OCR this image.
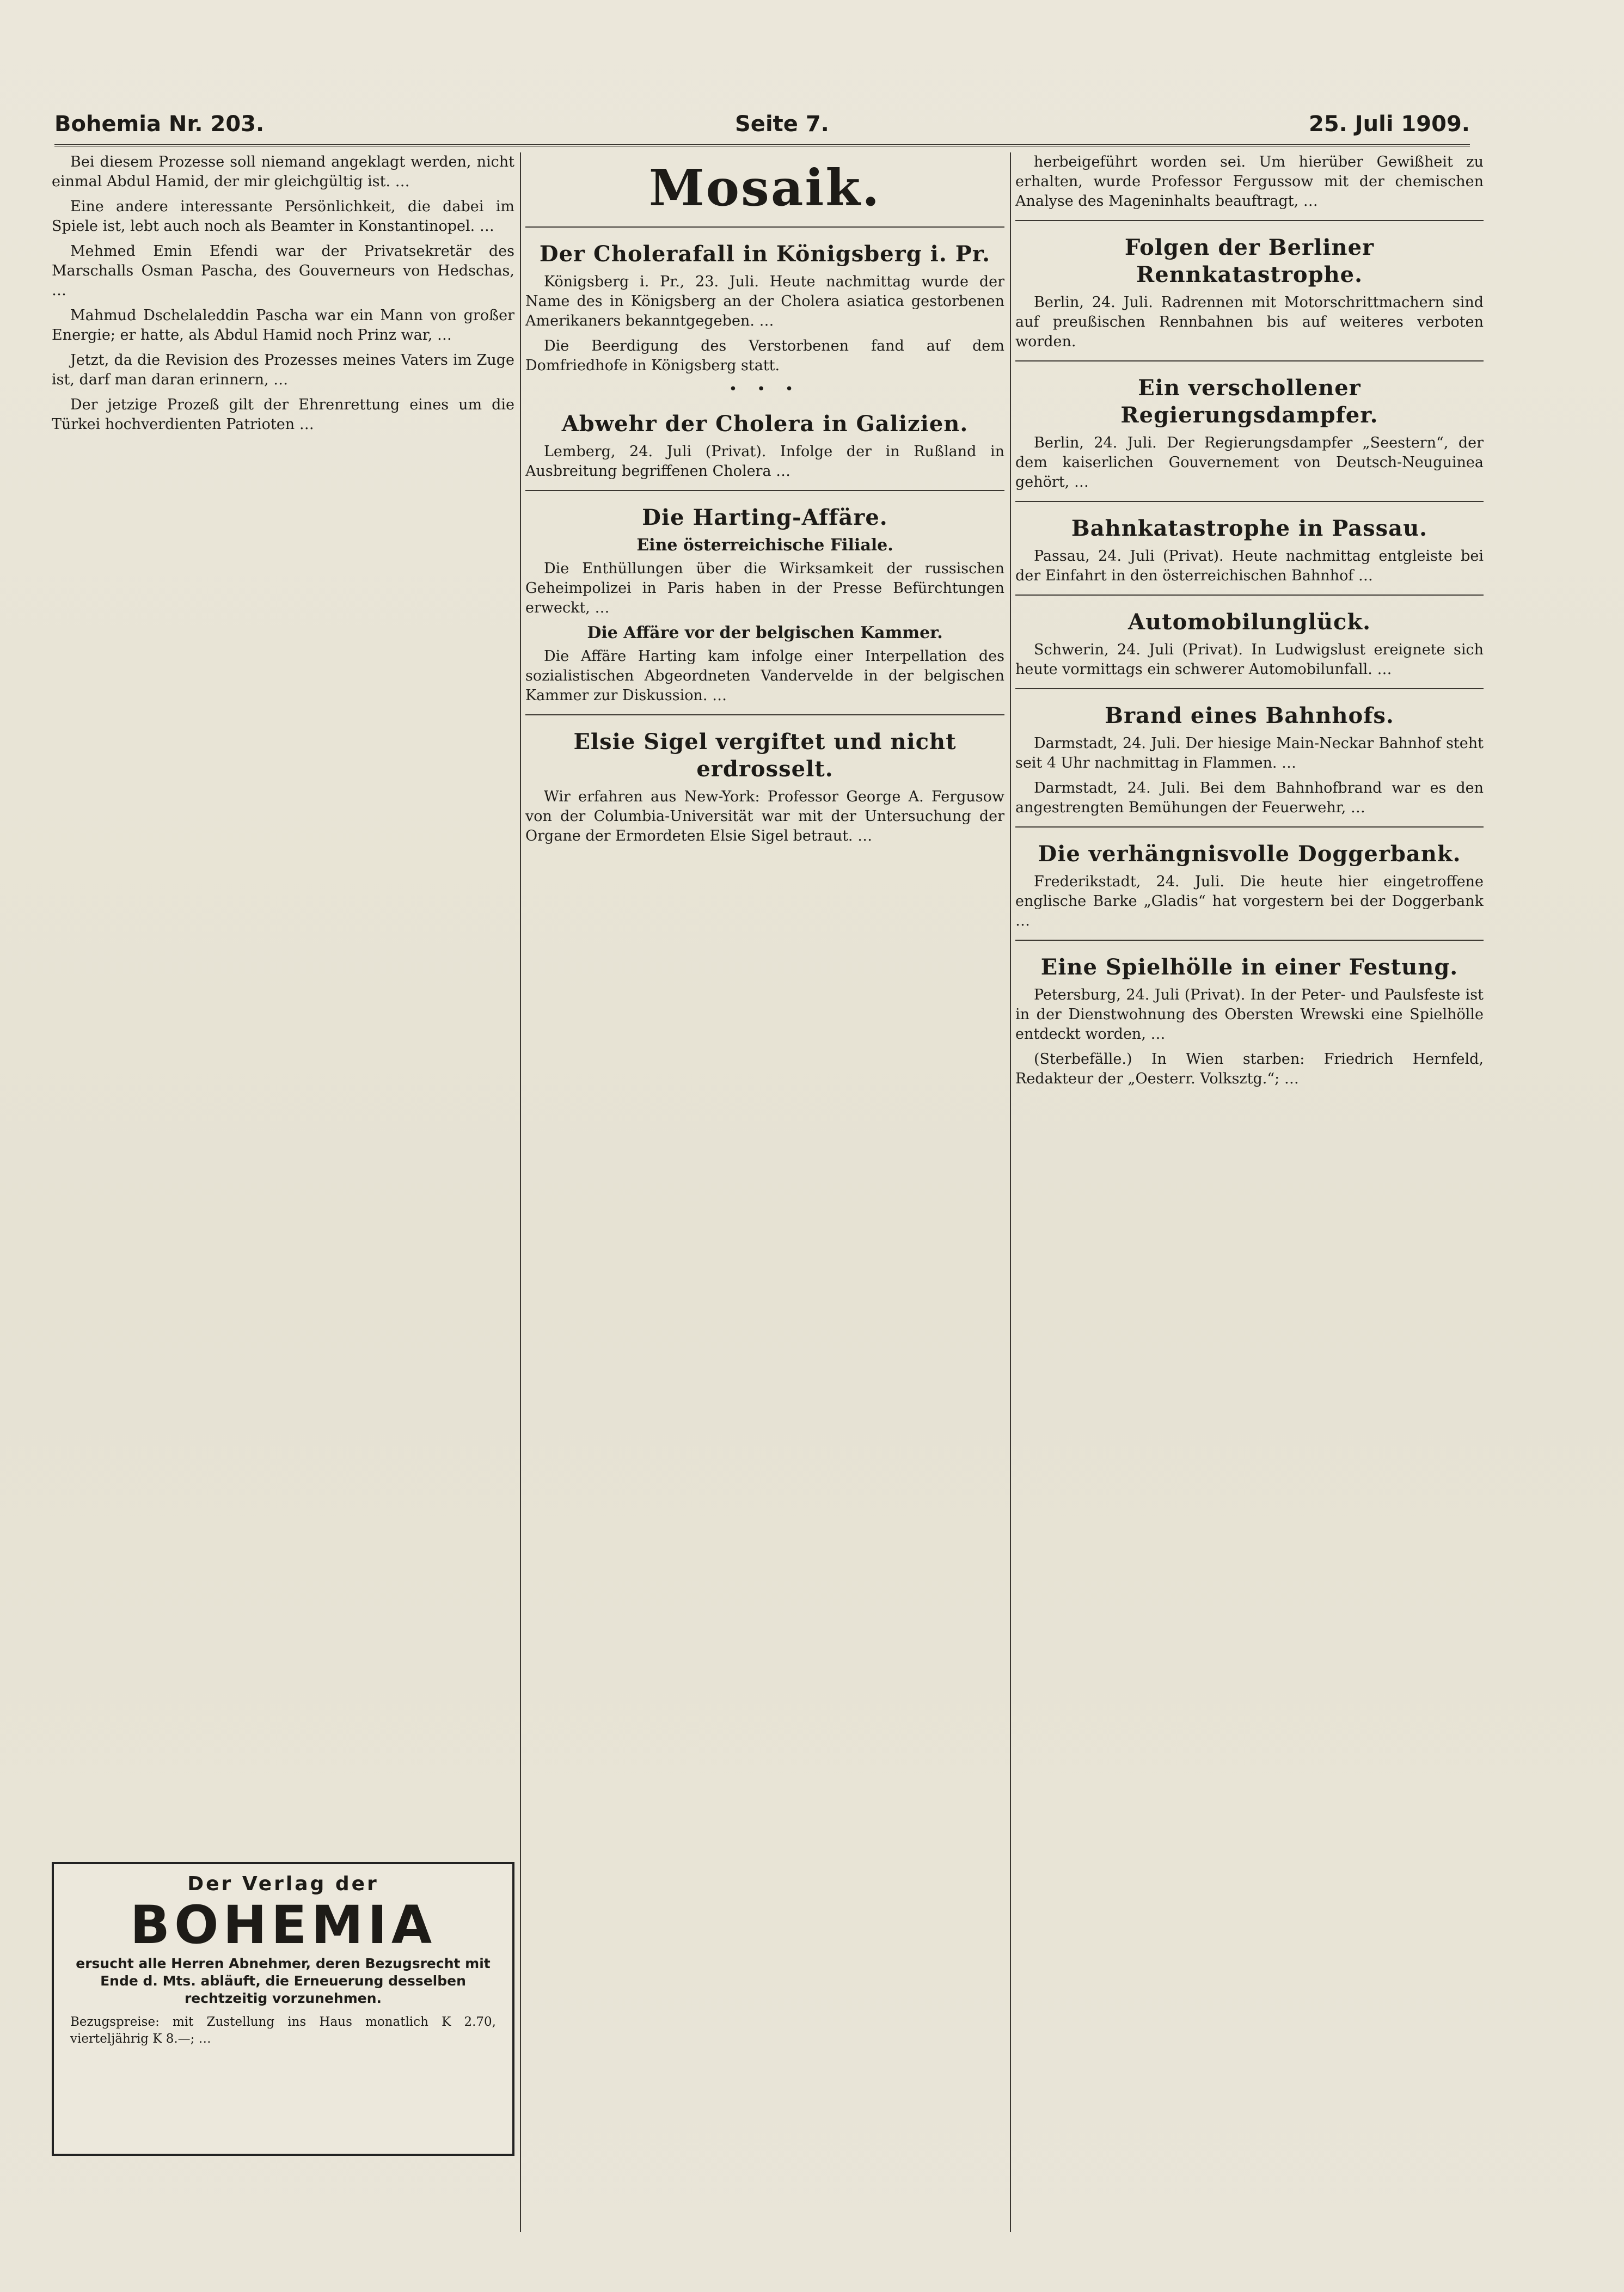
Bohemia Nr. 203.	Seite 7.	25. Juli 1909.

Bei diesem Prozesse soll niemand angeklagt werden, nicht einmal Abdul Hamid, der mir gleichgültig ist. …

Eine andere interessante Persönlichkeit, die dabei im Spiele ist, lebt auch noch als Beamter in Konstantinopel. …

Mehmed Emin Efendi war der Privatsekretär des Marschalls Osman Pascha, des Gouverneurs von Hedschas, …

Mahmud Dschelaleddin Pascha war ein Mann von großer Energie; er hatte, als Abdul Hamid noch Prinz war, …

Jetzt, da die Revision des Prozesses meines Vaters im Zuge ist, darf man daran erinnern, …

Der jetzige Prozeß gilt der Ehrenrettung eines um die Türkei hochverdienten Patrioten …

Der Verlag der
BOHEMIA
ersucht alle Herren Abnehmer, deren Bezugsrecht mit Ende d. Mts. abläuft, die Erneuerung desselben rechtzeitig vorzunehmen.

Bezugspreise: mit Zustellung ins Haus monatlich K 2.70, vierteljährig K 8.—; …

Mosaik.
Der Cholerafall in Königsberg i. Pr.

Königsberg i. Pr., 23. Juli. Heute nachmittag wurde der Name des in Königsberg an der Cholera asiatica gestorbenen Amerikaners bekanntgegeben. …

Die Beerdigung des Verstorbenen fand auf dem Domfriedhofe in Königsberg statt.

• • •
Abwehr der Cholera in Galizien.

Lemberg, 24. Juli (Privat). Infolge der in Rußland in Ausbreitung begriffenen Cholera …

Die Harting-Affäre.
Eine österreichische Filiale.

Die Enthüllungen über die Wirksamkeit der russischen Geheimpolizei in Paris haben in der Presse Befürchtungen erweckt, …

Die Affäre vor der belgischen Kammer.

Die Affäre Harting kam infolge einer Interpellation des sozialistischen Abgeordneten Vandervelde in der belgischen Kammer zur Diskussion. …

Elsie Sigel vergiftet und nicht erdrosselt.

Wir erfahren aus New-York: Professor George A. Fergusow von der Columbia-Universität war mit der Untersuchung der Organe der Ermordeten Elsie Sigel betraut. …

herbeigeführt worden sei. Um hierüber Gewißheit zu erhalten, wurde Professor Fergussow mit der chemischen Analyse des Mageninhalts beauftragt, …

Folgen der Berliner Rennkatastrophe.

Berlin, 24. Juli. Radrennen mit Motorschrittmachern sind auf preußischen Rennbahnen bis auf weiteres verboten worden.

Ein verschollener Regierungsdampfer.

Berlin, 24. Juli. Der Regierungsdampfer „Seestern“, der dem kaiserlichen Gouvernement von Deutsch-Neuguinea gehört, …

Bahnkatastrophe in Passau.

Passau, 24. Juli (Privat). Heute nachmittag entgleiste bei der Einfahrt in den österreichischen Bahnhof …

Automobilunglück.

Schwerin, 24. Juli (Privat). In Ludwigslust ereignete sich heute vormittags ein schwerer Automobilunfall. …

Brand eines Bahnhofs.

Darmstadt, 24. Juli. Der hiesige Main-Neckar Bahnhof steht seit 4 Uhr nachmittag in Flammen. …

Darmstadt, 24. Juli. Bei dem Bahnhofbrand war es den angestrengten Bemühungen der Feuerwehr, …

Die verhängnisvolle Doggerbank.

Frederikstadt, 24. Juli. Die heute hier eingetroffene englische Barke „Gladis“ hat vorgestern bei der Doggerbank …

Eine Spielhölle in einer Festung.

Petersburg, 24. Juli (Privat). In der Peter- und Paulsfeste ist in der Dienstwohnung des Obersten Wrewski eine Spielhölle entdeckt worden, …

(Sterbefälle.) In Wien starben: Friedrich Hernfeld, Redakteur der „Oesterr. Volksztg.“; …
